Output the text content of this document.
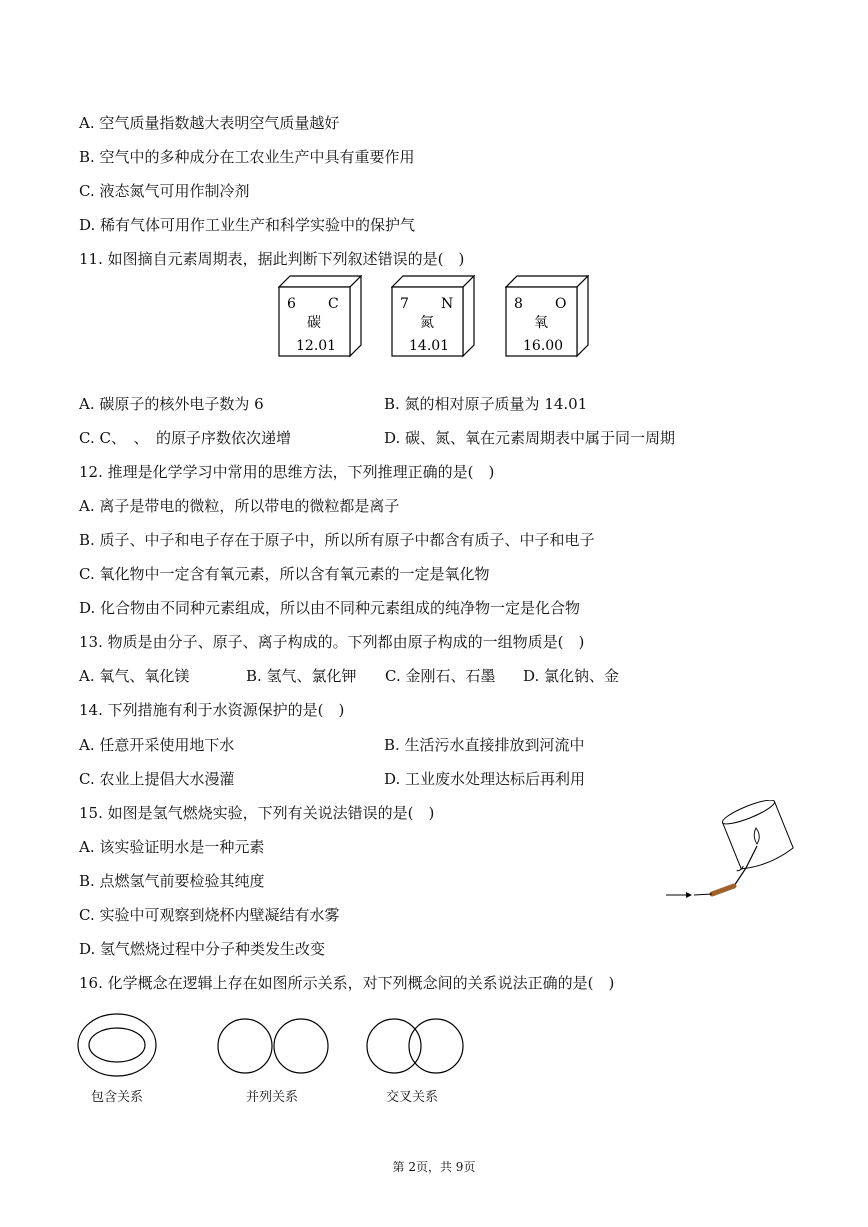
A. 空气质量指数越大表明空气质量越好
B. 空气中的多种成分在工农业生产中具有重要作用
C. 液态氮气可用作制冷剂
D. 稀有气体可用作工业生产和科学实验中的保护气
11. 如图摘自元素周期表，据此判断下列叙述错误的是(　)
6 C
碳
12.01
7 N
氮
14.01
8 O
氧
16.00
A. 碳原子的核外电子数为 6	B. 氮的相对原子质量为 14.01
C. C、　、　的原子序数依次递增	D. 碳、氮、氧在元素周期表中属于同一周期
12. 推理是化学学习中常用的思维方法，下列推理正确的是(　)
A. 离子是带电的微粒，所以带电的微粒都是离子
B. 质子、中子和电子存在于原子中，所以所有原子中都含有质子、中子和电子
C. 氧化物中一定含有氧元素，所以含有氧元素的一定是氧化物
D. 化合物由不同种元素组成，所以由不同种元素组成的纯净物一定是化合物
13. 物质是由分子、原子、离子构成的。下列都由原子构成的一组物质是(　)
A. 氧气、氧化镁	B. 氢气、氯化钾 C. 金刚石、石墨 D. 氯化钠、金
14. 下列措施有利于水资源保护的是(　)
A. 任意开采使用地下水	B. 生活污水直接排放到河流中
C. 农业上提倡大水漫灌	D. 工业废水处理达标后再利用
15. 如图是氢气燃烧实验，下列有关说法错误的是(　)
A. 该实验证明水是一种元素
B. 点燃氢气前要检验其纯度
C. 实验中可观察到烧杯内壁凝结有水雾
D. 氢气燃烧过程中分子种类发生改变
16. 化学概念在逻辑上存在如图所示关系，对下列概念间的关系说法正确的是(　)
包含关系	并列关系	交叉关系
第 2页，共 9页
